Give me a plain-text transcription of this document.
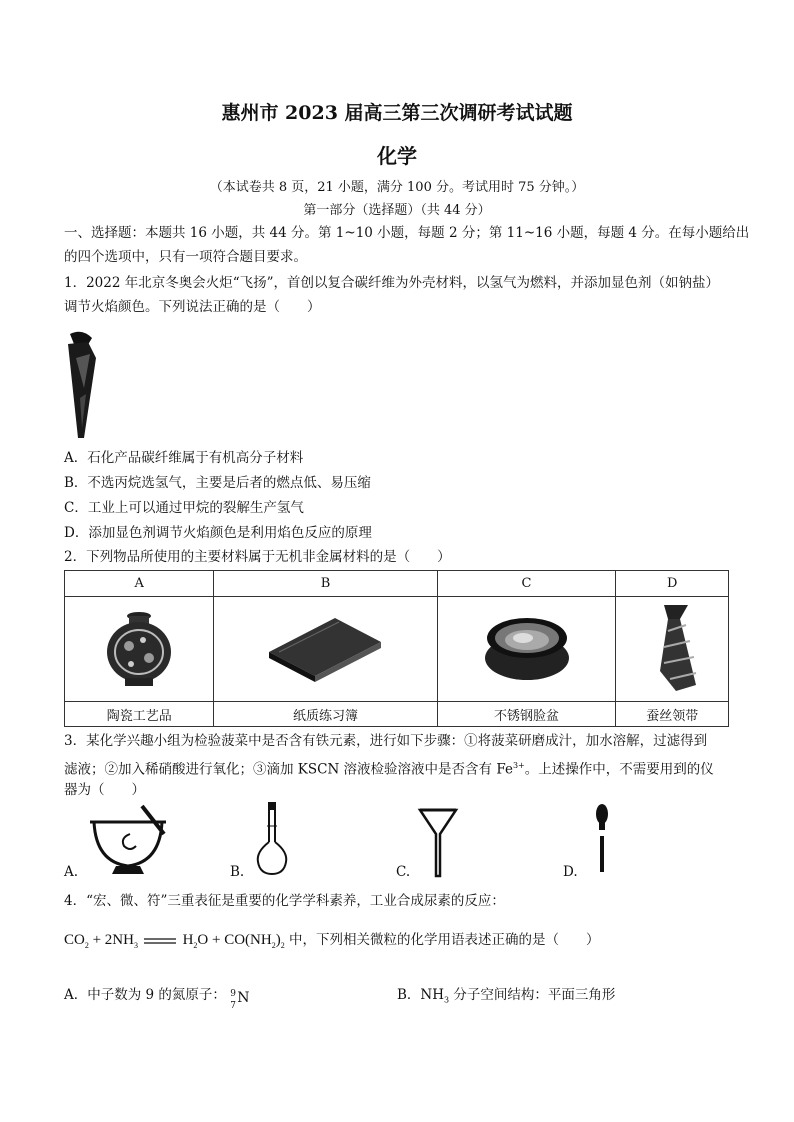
惠州市 2023 届高三第三次调研考试试题
化学
（本试卷共 8 页，21 小题，满分 100 分。考试用时 75 分钟。）
第一部分（选择题）（共 44 分）
一、选择题：本题共 16 小题，共 44 分。第 1~10 小题，每题 2 分；第 11~16 小题，每题 4 分。在每小题给出
的四个选项中，只有一项符合题目要求。
1．2022 年北京冬奥会火炬“飞扬”，首创以复合碳纤维为外壳材料，以氢气为燃料，并添加显色剂（如钠盐）
调节火焰颜色。下列说法正确的是（　　）
A．石化产品碳纤维属于有机高分子材料
B．不选丙烷选氢气，主要是后者的燃点低、易压缩
C．工业上可以通过甲烷的裂解生产氢气
D．添加显色剂调节火焰颜色是利用焰色反应的原理
2．下列物品所使用的主要材料属于无机非金属材料的是（　　）
A	B	C	D

陶瓷工艺品	纸质练习簿	不锈钢脸盆	蚕丝领带
3．某化学兴趣小组为检验菠菜中是否含有铁元素，进行如下步骤：①将菠菜研磨成汁，加水溶解，过滤得到
滤液；②加入稀硝酸进行氧化；③滴加 KSCN 溶液检验溶液中是否含有 $Fe^{3+}$。上述操作中，不需要用到的仪
器为（　　）
A.	B.	C.	D.
4．“宏、微、符”三重表征是重要的化学学科素养，工业合成尿素的反应：
$CO_2 + 2NH_3$	$H_2O + CO(NH_2)_2$ 中，下列相关微粒的化学用语表述正确的是（　　）
A．中子数为 9 的氮原子： 9
7 N	B．$NH_3$ 分子空间结构：平面三角形
